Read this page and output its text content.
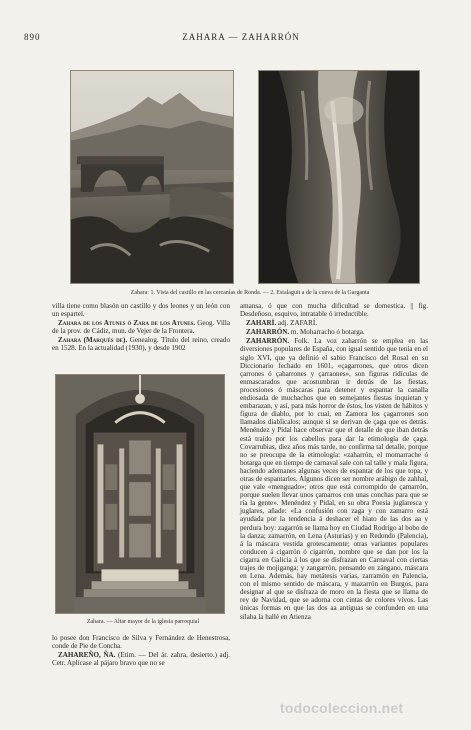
890	ZAHARA — ZAHARRÓN
Zahara: 1. Vista del castillo en las cercanías de Ronda. — 2. Estalaguit a de la cueva de la Garganta

villa tiene como blasón un castillo y dos leones y un león con un espartel.

Zahara de los Atunes ó Zara de los Atunes. Geog. Villa de la prov. de Cádiz, mun. de Vejer de la Frontera.

Zahara (Marqués de). Genealog. Título del reino, creado en 1528. En la actualidad (1930), y desde 1902

Zahara. — Altar mayor de la iglesia parroquial

lo posee don Francisco de Silva y Fernández de Henestrosa, conde de Pie de Concha.

ZAHAREÑO, ÑA. (Etim. — Del ár. zahra, desierto.) adj. Cetr. Aplícase al pájaro bravo que no se

amansa, ó que con mucha dificultad se domestica. || fig. Desdeñoso, esquivo, intratable ó irreductible.

ZAHARÍ. adj. ZAFARÍ.

ZAHARRÓN. m. Moharracho ó botarga.

ZAHARRÓN. Folk. La voz zaharrón se emplea en las diversiones populares de España, con igual sentido que tenía en el siglo XVI, que ya definió el sabio Francisco del Rosal en su Diccionario fechado en 1601, «çagarrones, que otros dicen çarrones ó çaharrones y çarraones», son figuras ridículas de enmascarados que acostumbran ir detrás de las fiestas, procesiones ó máscaras para detener y espantar la canalla endiosada de muchachos que en semejantes fiestas inquietan y embarazan, y así, para más horror de éstos, los visten de hábitos y figura de diablo, por lo cual, en Zamora los çagarrones son llamados diablicalos; aunque sí se derivan de çaga que es detrás. Menéndez y Pidal hace observar que el detalle de que iban detrás está traído por los cabellos para dar la etimología de çaga. Covarrubias, diez años más tarde, no confirma tal detalle, porque no se preocupa de la etimología: «zaharrón, el momarrache ó botarga que en tiempo de carnaval sale con tal talle y mala figura, haciendo ademanes algunas veces de espantar de los que topa, y otras de espantarles. Algunos dicen ser nombre arábigo de zahhal, que vale «menguado»; otros que está corrompido de çamarrón, porque suelen llevar unos çamarros con unas conchas para que se ría la gente». Menéndez y Pidal, en su obra Poesía juglaresca y juglares, añade: «La confusión con zaga y con zamarro está ayudada por la tendencia á deshacer el hiato de las dos aa y perdura hoy: zagarrón se llama hoy en Ciudad Rodrigo al bobo de la danza; zamarrón, en Lena (Asturias) y en Redondo (Palencia), á la máscara vestida grotescamente; otras variantes populares conducen á cigarrón ó cigarrón, nombre que se dan por los la cigarra en Galicia á los que se disfrazan en Carnaval con ciertas trajes de mojiganga; y zangarrón, pensando en zángano, máscara en Lena. Además, hay metátesis varias, zarramón en Palencia, con el mismo sentido de máscara, y mazarrón en Burgos, para designar al que se disfraza de moro en la fiesta que se llama de rey de Navidad, que se adorna con cintas de colores vivos. Las únicas formas en que las dos aa antiguas se confunden en una sílaba la hallé en Atienza

todocoleccion.net
